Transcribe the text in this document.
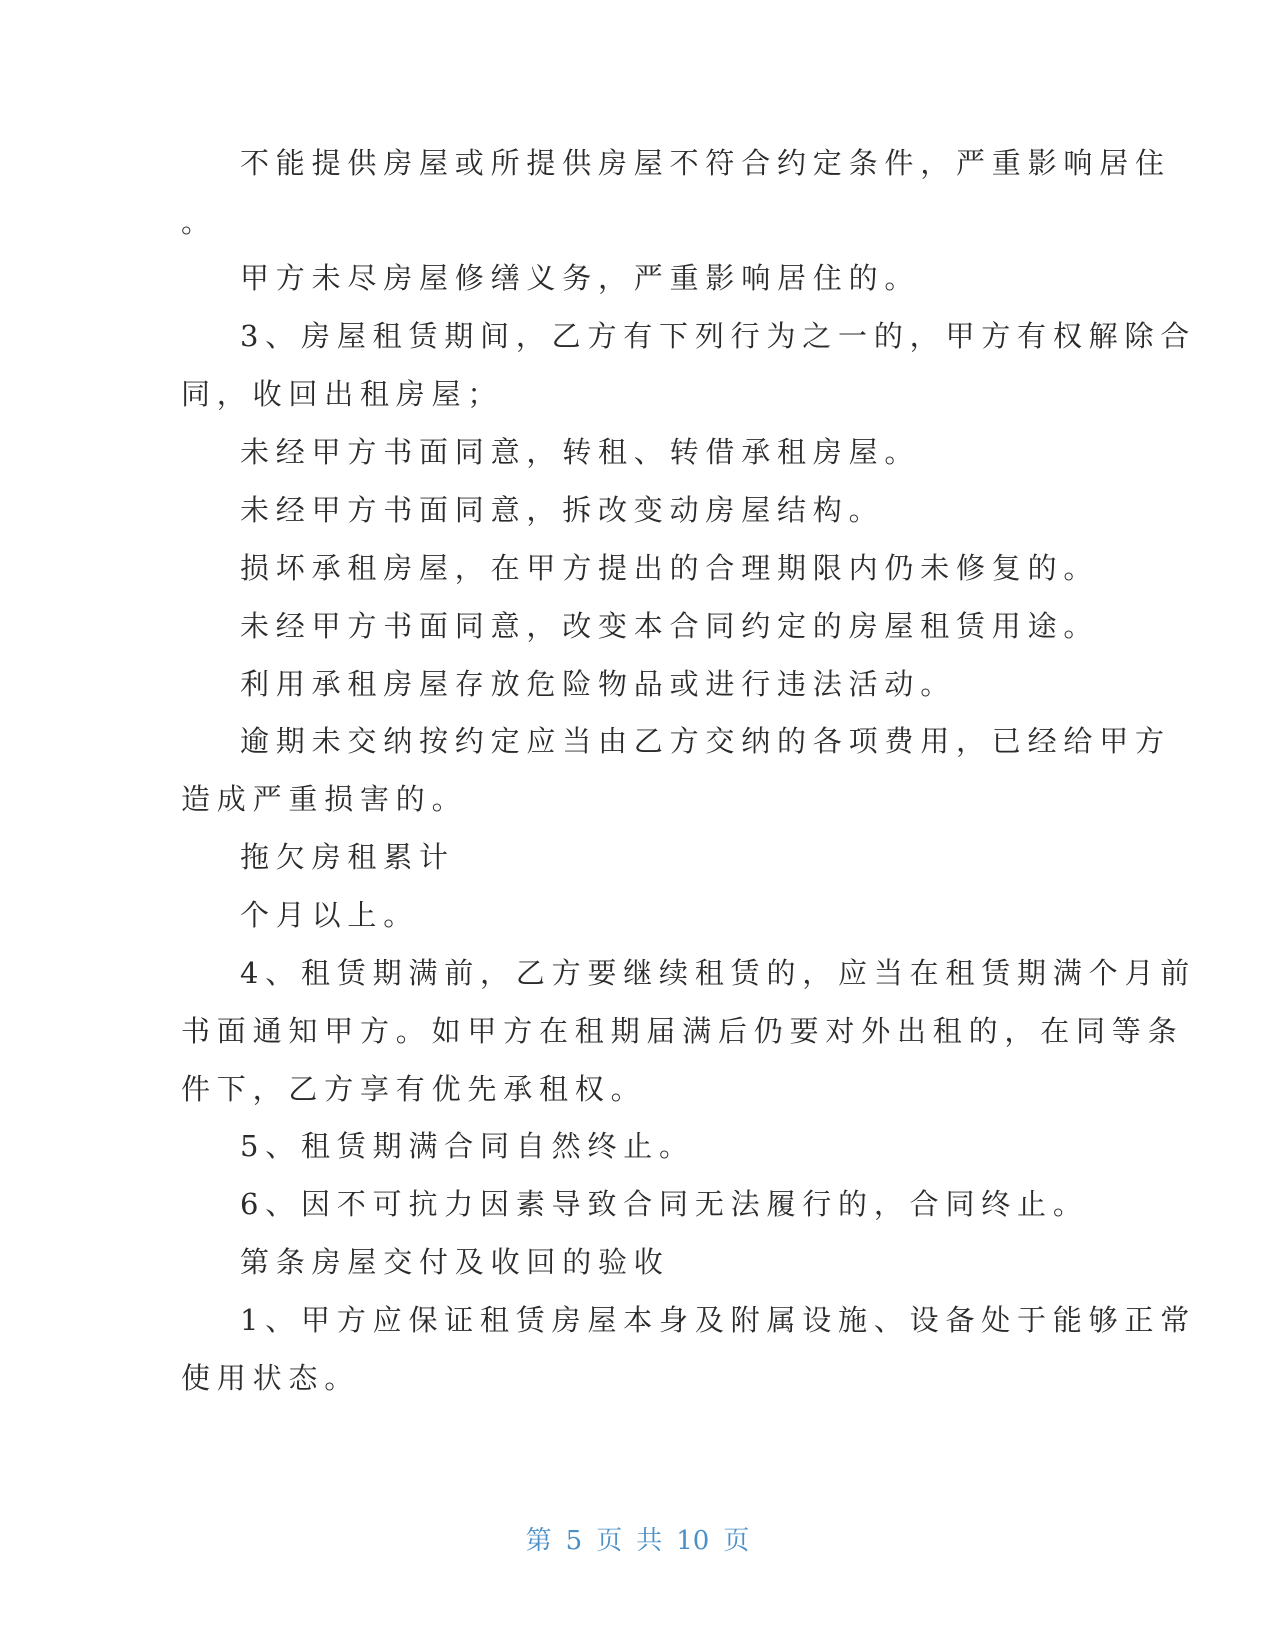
不能提供房屋或所提供房屋不符合约定条件，严重影响居住

。

甲方未尽房屋修缮义务，严重影响居住的。

3、房屋租赁期间，乙方有下列行为之一的，甲方有权解除合

同，收回出租房屋；

未经甲方书面同意，转租、转借承租房屋。

未经甲方书面同意，拆改变动房屋结构。

损坏承租房屋，在甲方提出的合理期限内仍未修复的。

未经甲方书面同意，改变本合同约定的房屋租赁用途。

利用承租房屋存放危险物品或进行违法活动。

逾期未交纳按约定应当由乙方交纳的各项费用，已经给甲方

造成严重损害的。

拖欠房租累计

个月以上。

4、租赁期满前，乙方要继续租赁的，应当在租赁期满个月前

书面通知甲方。如甲方在租期届满后仍要对外出租的，在同等条

件下，乙方享有优先承租权。

5、租赁期满合同自然终止。

6、因不可抗力因素导致合同无法履行的，合同终止。

第条房屋交付及收回的验收

1、甲方应保证租赁房屋本身及附属设施、设备处于能够正常

使用状态。

第 5 页 共 10 页
